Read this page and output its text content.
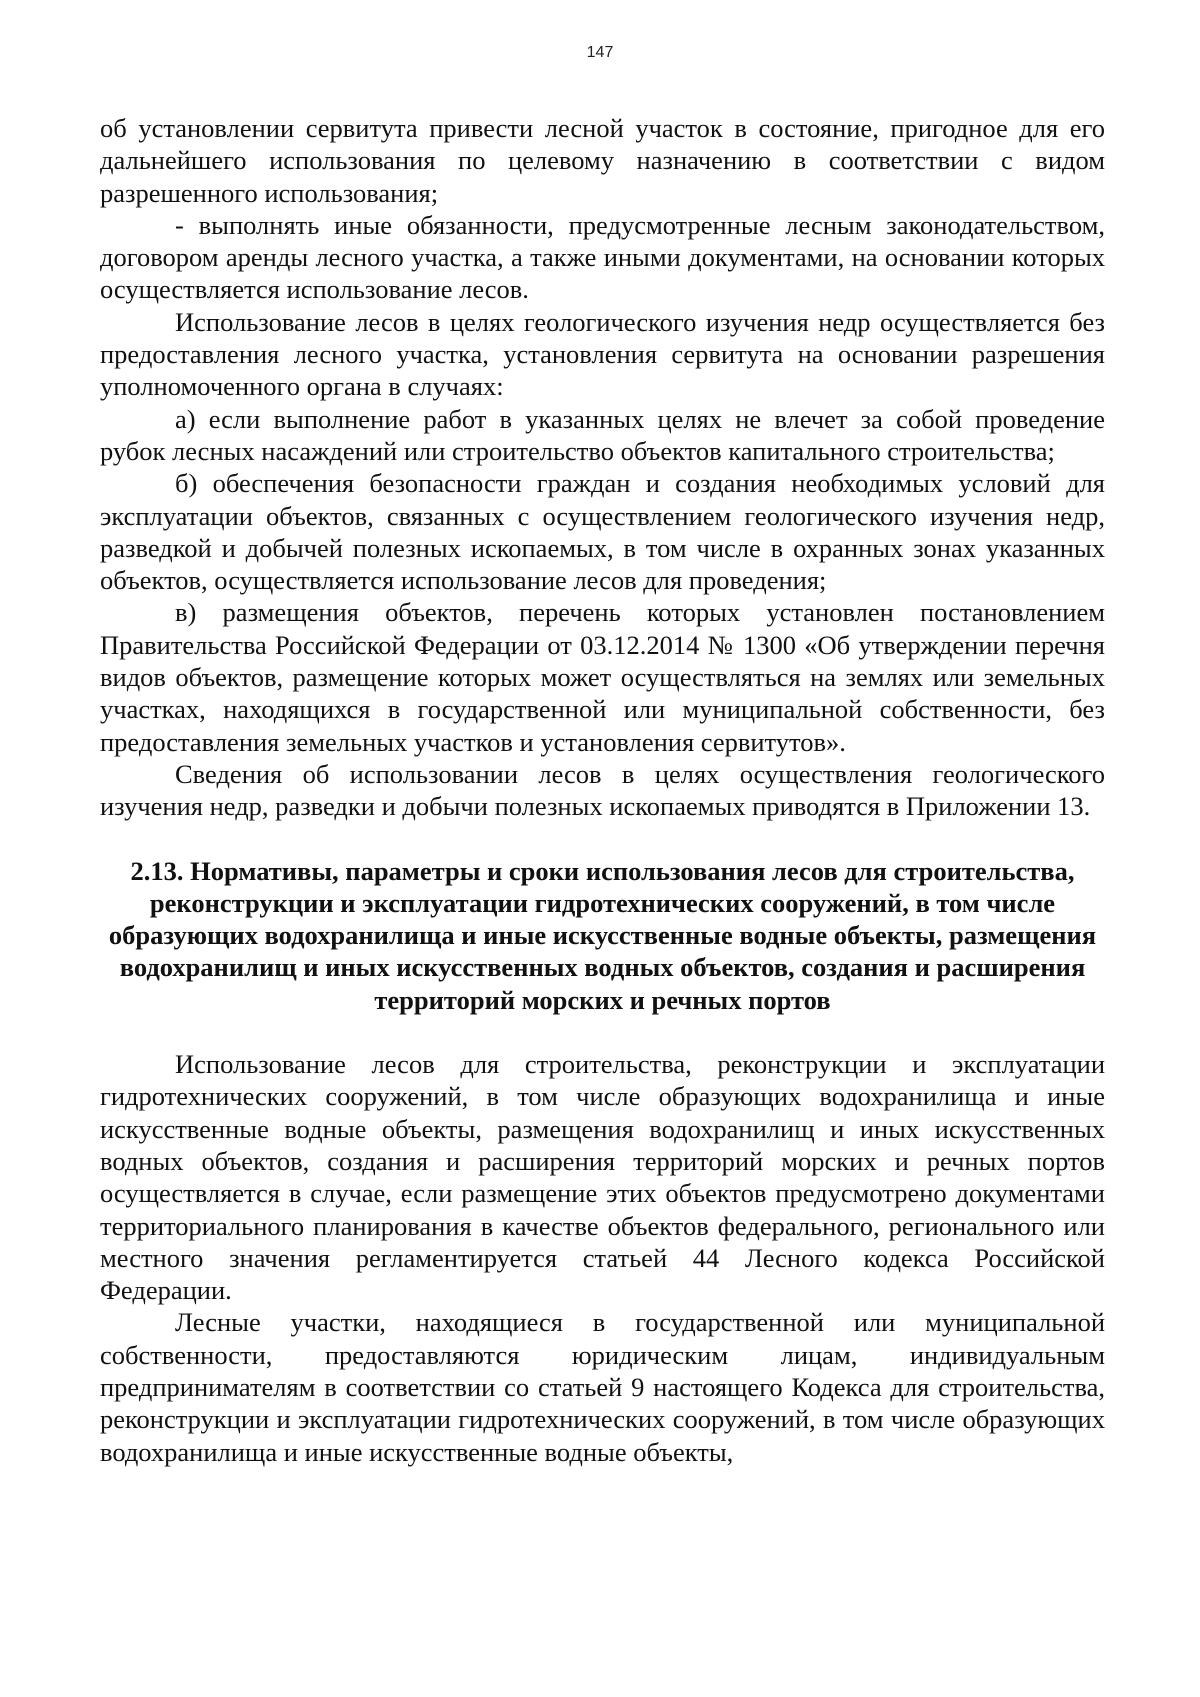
147

об установлении сервитута привести лесной участок в состояние, пригодное для его дальнейшего использования по целевому назначению в соответствии с видом разрешенного использования;

- выполнять иные обязанности, предусмотренные лесным законодательством, договором аренды лесного участка, а также иными документами, на основании которых осуществляется использование лесов.

Использование лесов в целях геологического изучения недр осуществляется без предоставления лесного участка, установления сервитута на основании разрешения уполномоченного органа в случаях:

а) если выполнение работ в указанных целях не влечет за собой проведение рубок лесных насаждений или строительство объектов капитального строительства;

б) обеспечения безопасности граждан и создания необходимых условий для эксплуатации объектов, связанных с осуществлением геологического изучения недр, разведкой и добычей полезных ископаемых, в том числе в охранных зонах указанных объектов, осуществляется использование лесов для проведения;

в) размещения объектов, перечень которых установлен постановлением Правительства Российской Федерации от 03.12.2014 № 1300 «Об утверждении перечня видов объектов, размещение которых может осуществляться на землях или земельных участках, находящихся в государственной или муниципальной собственности, без предоставления земельных участков и установления сервитутов».

Сведения об использовании лесов в целях осуществления геологического изучения недр, разведки и добычи полезных ископаемых приводятся в Приложении 13.

2.13. Нормативы, параметры и сроки использования лесов для строительства, реконструкции и эксплуатации гидротехнических сооружений, в том числе образующих водохранилища и иные искусственные водные объекты, размещения водохранилищ и иных искусственных водных объектов, создания и расширения территорий морских и речных портов

Использование лесов для строительства, реконструкции и эксплуатации гидротехнических сооружений, в том числе образующих водохранилища и иные искусственные водные объекты, размещения водохранилищ и иных искусственных водных объектов, создания и расширения территорий морских и речных портов осуществляется в случае, если размещение этих объектов предусмотрено документами территориального планирования в качестве объектов федерального, регионального или местного значения регламентируется статьей 44 Лесного кодекса Российской Федерации.

Лесные участки, находящиеся в государственной или муниципальной собственности, предоставляются юридическим лицам, индивидуальным предпринимателям в соответствии со статьей 9 настоящего Кодекса для строительства, реконструкции и эксплуатации гидротехнических сооружений, в том числе образующих водохранилища и иные искусственные водные объекты,
